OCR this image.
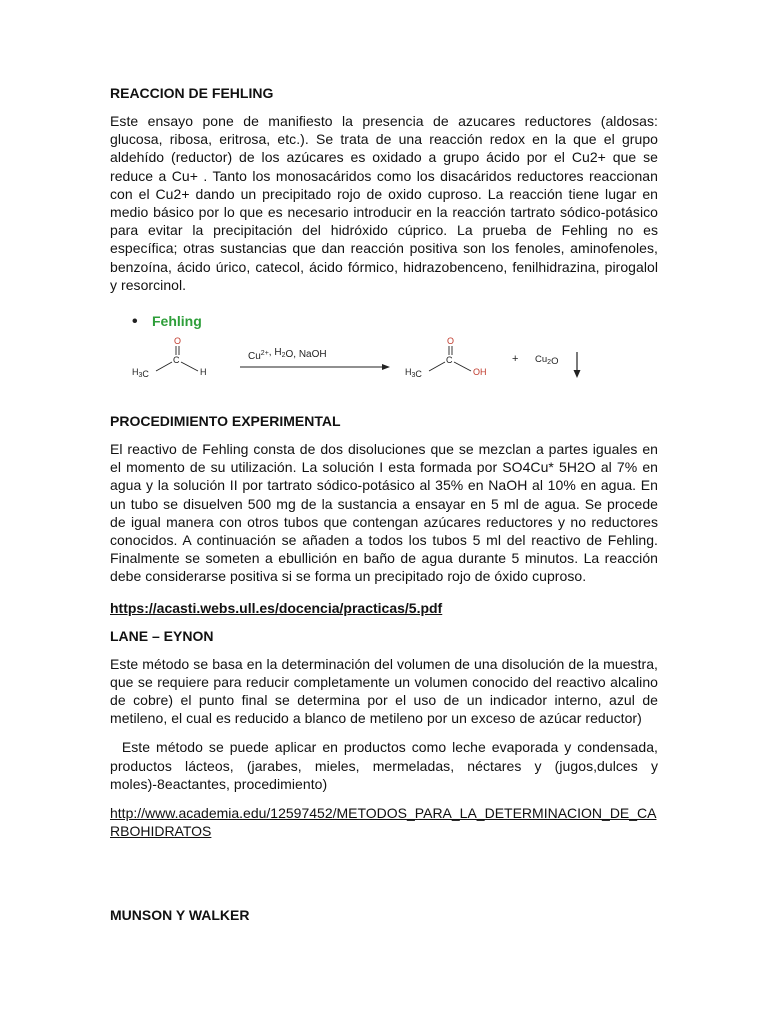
REACCION DE FEHLING

Este ensayo pone de manifiesto la presencia de azucares reductores (aldosas: glucosa, ribosa, eritrosa, etc.). Se trata de una reacción redox en la que el grupo aldehído (reductor) de los azúcares es oxidado a grupo ácido por el Cu2+ que se reduce a Cu+ . Tanto los monosacáridos como los disacáridos reductores reaccionan con el Cu2+ dando un precipitado rojo de oxido cuproso. La reacción tiene lugar en medio básico por lo que es necesario introducir en la reacción tartrato sódico-potásico para evitar la precipitación del hidróxido cúprico. La prueba de Fehling no es específica; otras sustancias que dan reacción positiva son los fenoles, aminofenoles, benzoína, ácido úrico, catecol, ácido fórmico, hidrazobenceno, fenilhidrazina, pirogalol y resorcinol.

• Fehling
$H_3C$
C
O
H
$Cu^{2+}$, $H_2O$, NaOH
$H_3C$
C
O
OH
+ $Cu_2O$
PROCEDIMIENTO EXPERIMENTAL

El reactivo de Fehling consta de dos disoluciones que se mezclan a partes iguales en el momento de su utilización. La solución I esta formada por SO4Cu* 5H2O al 7% en agua y la solución II por tartrato sódico-potásico al 35% en NaOH al 10% en agua. En un tubo se disuelven 500 mg de la sustancia a ensayar en 5 ml de agua. Se procede de igual manera con otros tubos que contengan azúcares reductores y no reductores conocidos. A continuación se añaden a todos los tubos 5 ml del reactivo de Fehling. Finalmente se someten a ebullición en baño de agua durante 5 minutos. La reacción debe considerarse positiva si se forma un precipitado rojo de óxido cuproso.

https://acasti.webs.ull.es/docencia/practicas/5.pdf
LANE – EYNON

Este método se basa en la determinación del volumen de una disolución de la muestra, que se requiere para reducir completamente un volumen conocido del reactivo alcalino de cobre) el punto final se determina por el uso de un indicador interno, azul de metileno, el cual es reducido a blanco de metileno por un exceso de azúcar reductor)

Este método se puede aplicar en productos como leche evaporada y condensada, productos lácteos, (jarabes, mieles, mermeladas, néctares y (jugos,dulces y moles)-8eactantes, procedimiento)

http://www.academia.edu/12597452/METODOS_PARA_LA_DETERMINACION_DE_CARBOHIDRATOS
MUNSON Y WALKER
